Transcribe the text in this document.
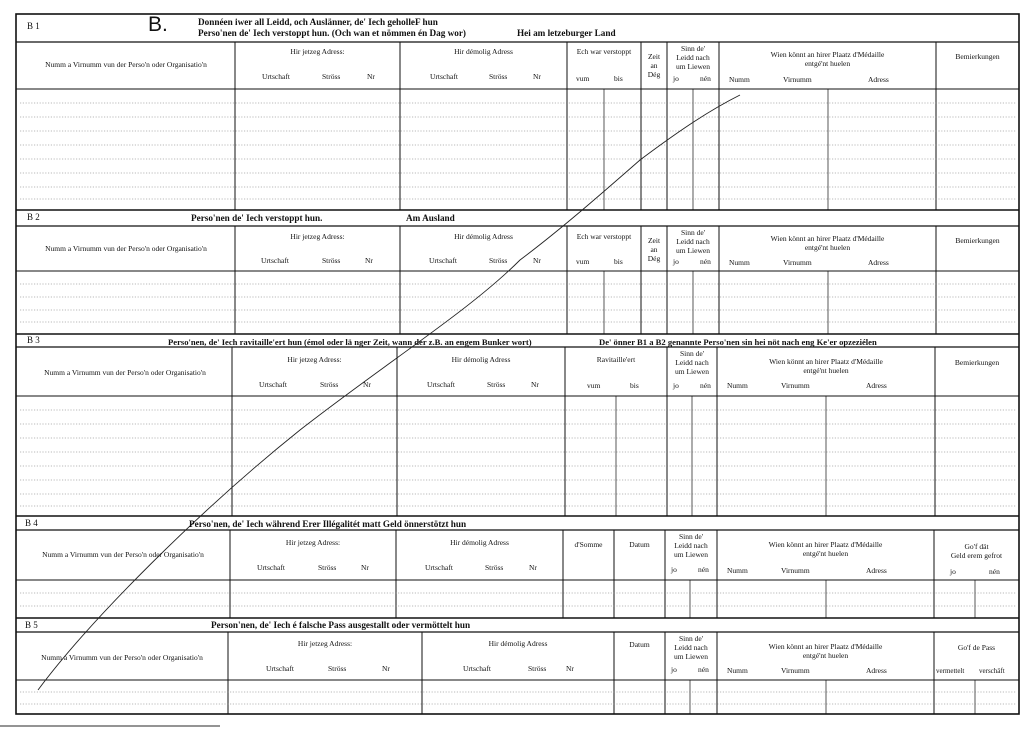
B 1	B.	Donnéen iwer all Leidd, och Auslänner, de' Iech geholleF hun
Perso'nen de' Iech verstoppt hun. (Och wan et nömmen én Dag wor)	Hei am letzeburger Land
Numm a Virnumm vun der Perso'n oder Organisatio'n
Hir jetzeg Adress:
Urtschaft	Ströss	Nr
Hir démolig Adress
Urtschaft	Ströss	Nr
Ech war verstoppt
vum	bis
Zeit
an
Dég
Sinn de'
Leidd nach
um Liewen
jo	nén
Wien könnt an hirer Plaatz d'Médaille
entgé'nt huelen
Numm	Virnumm	Adress
Bemierkungen
B 2	Perso'nen de' Iech verstoppt hun.	Am Ausland
Numm a Virnumm vun der Perso'n oder Organisatio'n
Hir jetzeg Adress:
Urtschaft	Ströss	Nr
Hir démolig Adress
Urtschaft	Ströss	Nr
Ech war verstoppt
vum	bis
Zeit
an
Dég
Sinn de'
Leidd nach
um Liewen
jo	nén
Wien könnt an hirer Plaatz d'Médaille
entgé'nt huelen
Numm	Virnumm	Adress
Bemierkungen
B 3	Perso'nen, de' Iech ravitaille'ert hun (émol oder lä nger Zeit, wann der z.B. an engem Bunker wort)	De' önner B1 a B2 genannte Perso'nen sin hei nöt nach eng Ke'er opzeziélen
Numm a Virnumm vun der Perso'n oder Organisatio'n
Hir jetzeg Adress:
Urtschaft	Ströss	Nr
Hir démolig Adress
Urtschaft	Ströss	Nr
Ravitaille'ert
vum	bis
Sinn de'
Leidd nach
um Liewen
jo	nén
Wien könnt an hirer Plaatz d'Médaille
entgé'nt huelen
Numm	Virnumm	Adress
Bemierkungen
B 4	Perso'nen, de' Iech während Erer Illégalitét matt Geld önnerstötzt hun
Numm a Virnumm vun der Perso'n oder Organisatio'n
Hir jetzeg Adress:
Urtschaft	Ströss	Nr
Hir démolig Adress
Urtschaft	Ströss	Nr
d'Somme	Datum
Sinn de'
Leidd nach
um Liewen
jo	nén
Wien könnt an hirer Plaatz d'Médaille
entgé'nt huelen
Numm	Virnumm	Adress
Go'f dät
Geld erem gefrot
jo	nén
B 5	Person'nen, de' Iech é falsche Pass ausgestallt oder vermöttelt hun
Numm a Virnumm vun der Perso'n oder Organisatio'n
Hir jetzeg Adress:
Urtschaft	Ströss	Nr
Hir démolig Adress
Urtschaft	Ströss	Nr
Datum
Sinn de'
Leidd nach
um Liewen
jo	nén
Wien könnt an hirer Plaatz d'Médaille
entgé'nt huelen
Numm	Virnumm	Adress
Go'f de Pass
vermettelt verschäft
